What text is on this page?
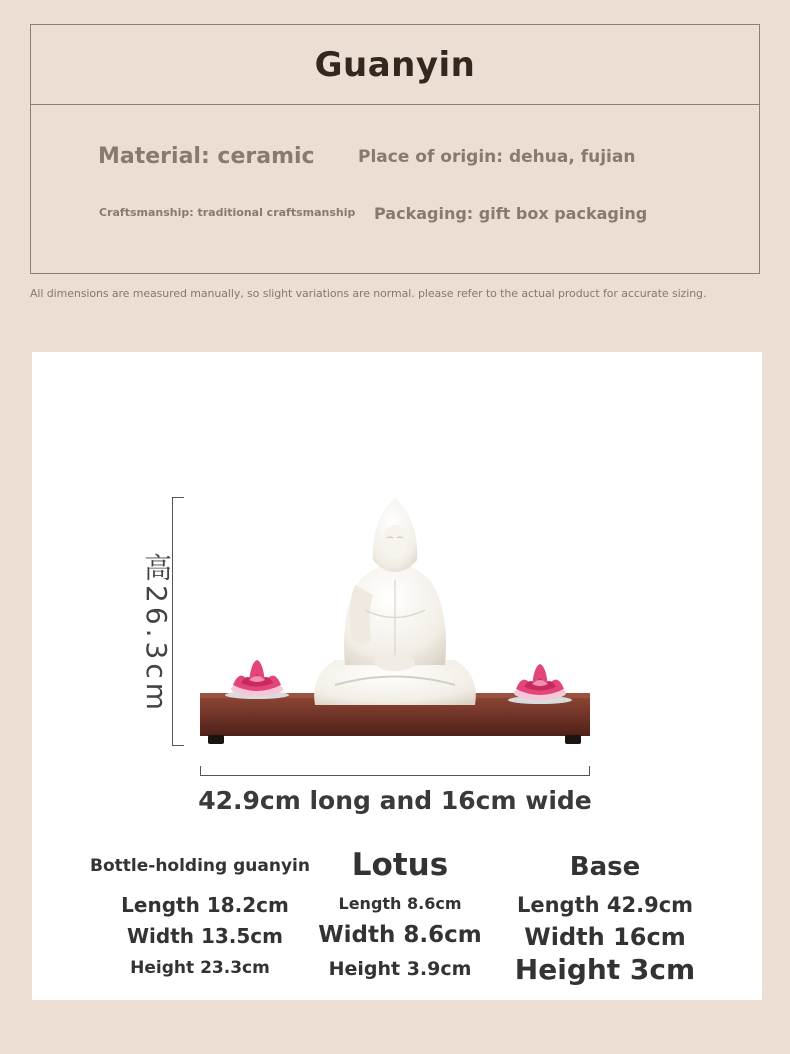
Guanyin
Material: ceramic	Place of origin: dehua, fujian
Craftsmanship: traditional craftsmanship Packaging: gift box packaging
All dimensions are measured manually, so slight variations are normal. please refer to the actual product for accurate sizing.
高26.3cm
42.9cm long and 16cm wide
Bottle-holding guanyin
Length 18.2cm
Width 13.5cm
Height 23.3cm
Lotus
Length 8.6cm
Width 8.6cm
Height 3.9cm
Base
Length 42.9cm
Width 16cm
Height 3cm
